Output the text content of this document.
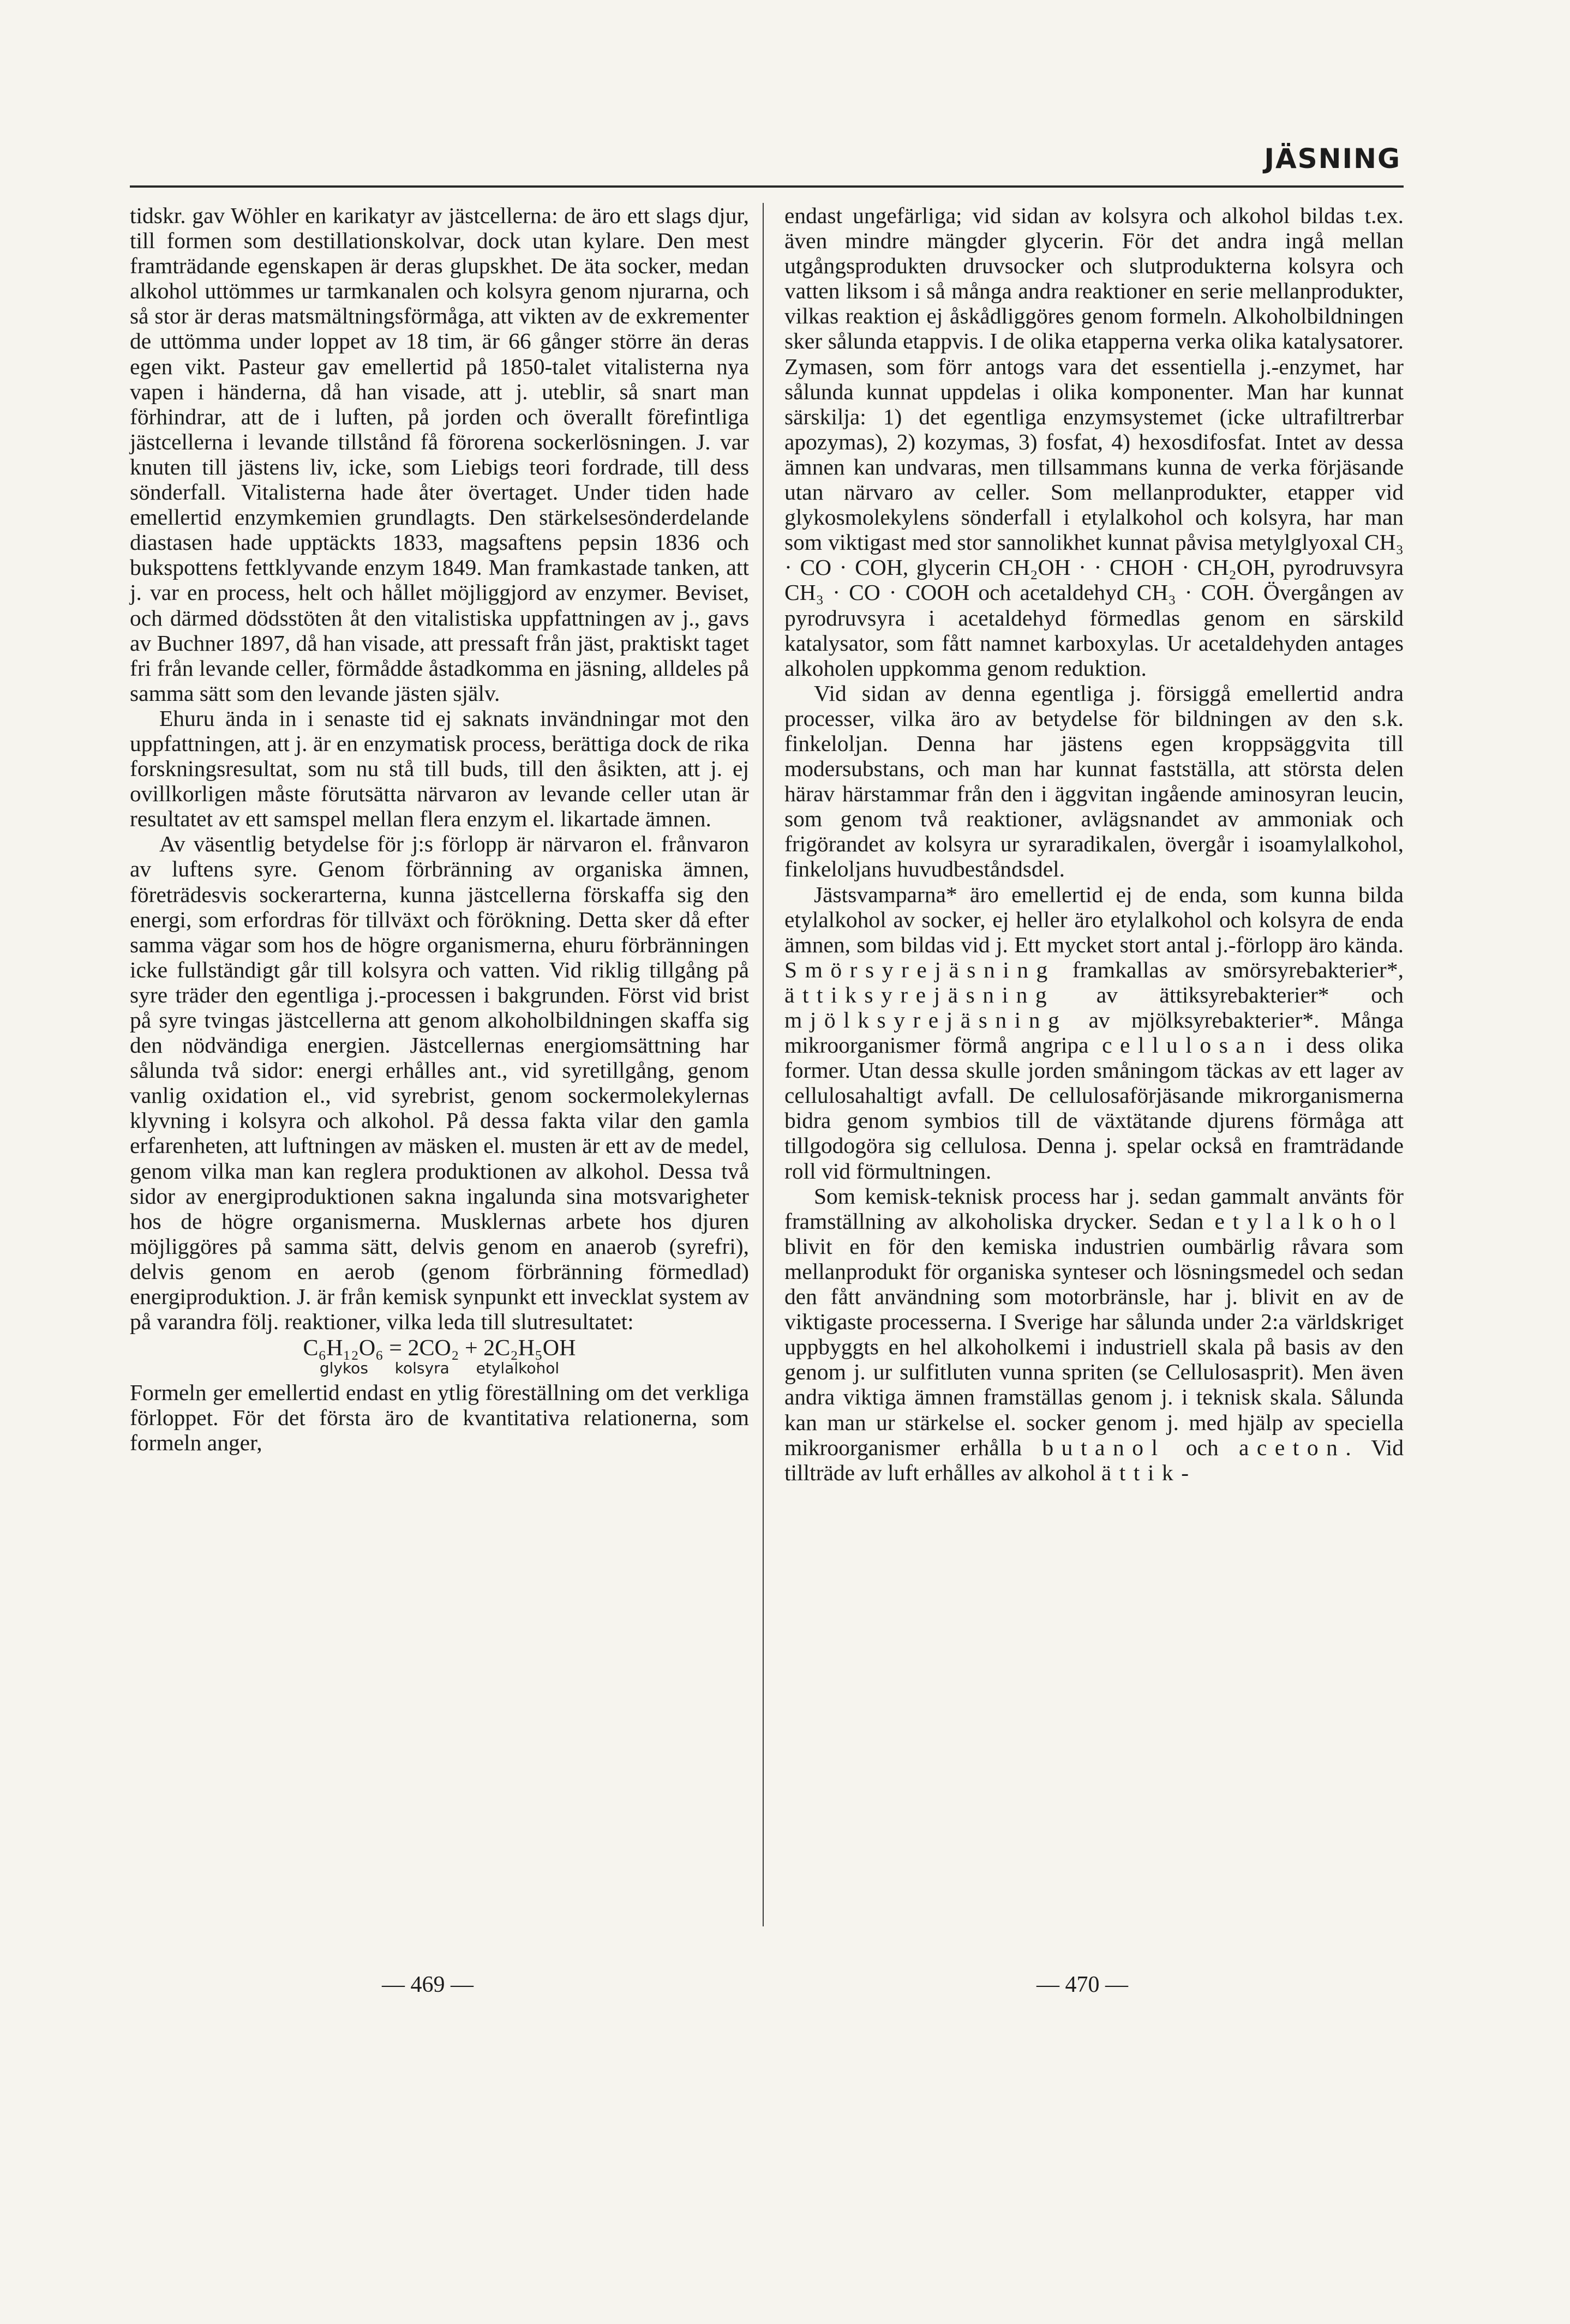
JÄSNING

tidskr. gav Wöhler en karikatyr av jästcellerna: de äro ett slags djur, till formen som destillationskolvar, dock utan kylare. Den mest framträdande egenskapen är deras glupskhet. De äta socker, medan alkohol uttömmes ur tarmkanalen och kolsyra genom njurarna, och så stor är deras matsmältningsförmåga, att vikten av de exkrementer de uttömma under loppet av 18 tim, är 66 gånger större än deras egen vikt. Pasteur gav emellertid på 1850-talet vitalisterna nya vapen i händerna, då han visade, att j. uteblir, så snart man förhindrar, att de i luften, på jorden och överallt förefintliga jästcellerna i levande tillstånd få förorena sockerlösningen. J. var knuten till jästens liv, icke, som Liebigs teori fordrade, till dess sönderfall. Vitalisterna hade åter övertaget. Under tiden hade emellertid enzymkemien grundlagts. Den stärkelsesönderdelande diastasen hade upptäckts 1833, magsaftens pepsin 1836 och bukspottens fettklyvande enzym 1849. Man framkastade tanken, att j. var en process, helt och hållet möjliggjord av enzymer. Beviset, och därmed dödsstöten åt den vitalistiska uppfattningen av j., gavs av Buchner 1897, då han visade, att pressaft från jäst, praktiskt taget fri från levande celler, förmådde åstadkomma en jäsning, alldeles på samma sätt som den levande jästen själv.

Ehuru ända in i senaste tid ej saknats invändningar mot den uppfattningen, att j. är en enzymatisk process, berättiga dock de rika forskningsresultat, som nu stå till buds, till den åsikten, att j. ej ovillkorligen måste förutsätta närvaron av levande celler utan är resultatet av ett samspel mellan flera enzym el. likartade ämnen.

Av väsentlig betydelse för j:s förlopp är närvaron el. frånvaron av luftens syre. Genom förbränning av organiska ämnen, företrädesvis sockerarterna, kunna jästcellerna förskaffa sig den energi, som erfordras för tillväxt och förökning. Detta sker då efter samma vägar som hos de högre organismerna, ehuru förbränningen icke fullständigt går till kolsyra och vatten. Vid riklig tillgång på syre träder den egentliga j.-processen i bakgrunden. Först vid brist på syre tvingas jästcellerna att genom alkoholbildningen skaffa sig den nödvändiga energien. Jästcellernas energiomsättning har sålunda två sidor: energi erhålles ant., vid syretillgång, genom vanlig oxidation el., vid syrebrist, genom sockermolekylernas klyvning i kolsyra och alkohol. På dessa fakta vilar den gamla erfarenheten, att luftningen av mäsken el. musten är ett av de medel, genom vilka man kan reglera produktionen av alkohol. Dessa två sidor av energiproduktionen sakna ingalunda sina motsvarigheter hos de högre organismerna. Musklernas arbete hos djuren möjliggöres på samma sätt, delvis genom en anaerob (syrefri), delvis genom en aerob (genom förbränning förmedlad) energiproduktion. J. är från kemisk synpunkt ett invecklat system av på varandra följ. reaktioner, vilka leda till slutresultatet:

C₆H₁₂O₆ = 2CO₂ + 2C₂H₅OH
glykos kolsyra etylalkohol

Formeln ger emellertid endast en ytlig föreställning om det verkliga förloppet. För det första äro de kvantitativa relationerna, som formeln anger,

endast ungefärliga; vid sidan av kolsyra och alkohol bildas t.ex. även mindre mängder glycerin. För det andra ingå mellan utgångsprodukten druvsocker och slutprodukterna kolsyra och vatten liksom i så många andra reaktioner en serie mellanprodukter, vilkas reaktion ej åskådliggöres genom formeln. Alkoholbildningen sker sålunda etappvis. I de olika etapperna verka olika katalysatorer. Zymasen, som förr antogs vara det essentiella j.-enzymet, har sålunda kunnat uppdelas i olika komponenter. Man har kunnat särskilja: 1) det egentliga enzymsystemet (icke ultrafiltrerbar apozymas), 2) kozymas, 3) fosfat, 4) hexosdifosfat. Intet av dessa ämnen kan undvaras, men tillsammans kunna de verka förjäsande utan närvaro av celler. Som mellanprodukter, etapper vid glykosmolekylens sönderfall i etylalkohol och kolsyra, har man som viktigast med stor sannolikhet kunnat påvisa metylglyoxal CH₃ · CO · COH, glycerin CH₂OH · · CHOH · CH₂OH, pyrodruvsyra CH₃ · CO · COOH och acetaldehyd CH₃ · COH. Övergången av pyrodruvsyra i acetaldehyd förmedlas genom en särskild katalysator, som fått namnet karboxylas. Ur acetaldehyden antages alkoholen uppkomma genom reduktion.

Vid sidan av denna egentliga j. försiggå emellertid andra processer, vilka äro av betydelse för bildningen av den s.k. finkeloljan. Denna har jästens egen kroppsäggvita till modersubstans, och man har kunnat fastställa, att största delen härav härstammar från den i äggvitan ingående aminosyran leucin, som genom två reaktioner, avlägsnandet av ammoniak och frigörandet av kolsyra ur syraradikalen, övergår i isoamylalkohol, finkeloljans huvudbeståndsdel.

Jästsvamparna* äro emellertid ej de enda, som kunna bilda etylalkohol av socker, ej heller äro etylalkohol och kolsyra de enda ämnen, som bildas vid j. Ett mycket stort antal j.-förlopp äro kända. Smörsyrejäsning framkallas av smörsyrebakterier*, ättiksyrejäsning av ättiksyrebakterier* och mjölksyrejäsning av mjölksyrebakterier*. Många mikroorganismer förmå angripa cellulosan i dess olika former. Utan dessa skulle jorden småningom täckas av ett lager av cellulosahaltigt avfall. De cellulosaförjäsande mikrorganismerna bidra genom symbios till de växtätande djurens förmåga att tillgodogöra sig cellulosa. Denna j. spelar också en framträdande roll vid förmultningen.

Som kemisk-teknisk process har j. sedan gammalt använts för framställning av alkoholiska drycker. Sedan etylalkohol blivit en för den kemiska industrien oumbärlig råvara som mellanprodukt för organiska synteser och lösningsmedel och sedan den fått användning som motorbränsle, har j. blivit en av de viktigaste processerna. I Sverige har sålunda under 2:a världskriget uppbyggts en hel alkoholkemi i industriell skala på basis av den genom j. ur sulfitluten vunna spriten (se Cellulosasprit). Men även andra viktiga ämnen framställas genom j. i teknisk skala. Sålunda kan man ur stärkelse el. socker genom j. med hjälp av speciella mikroorganismer erhålla butanol och aceton. Vid tillträde av luft erhålles av alkohol ättik-

— 469 —	— 470 —
